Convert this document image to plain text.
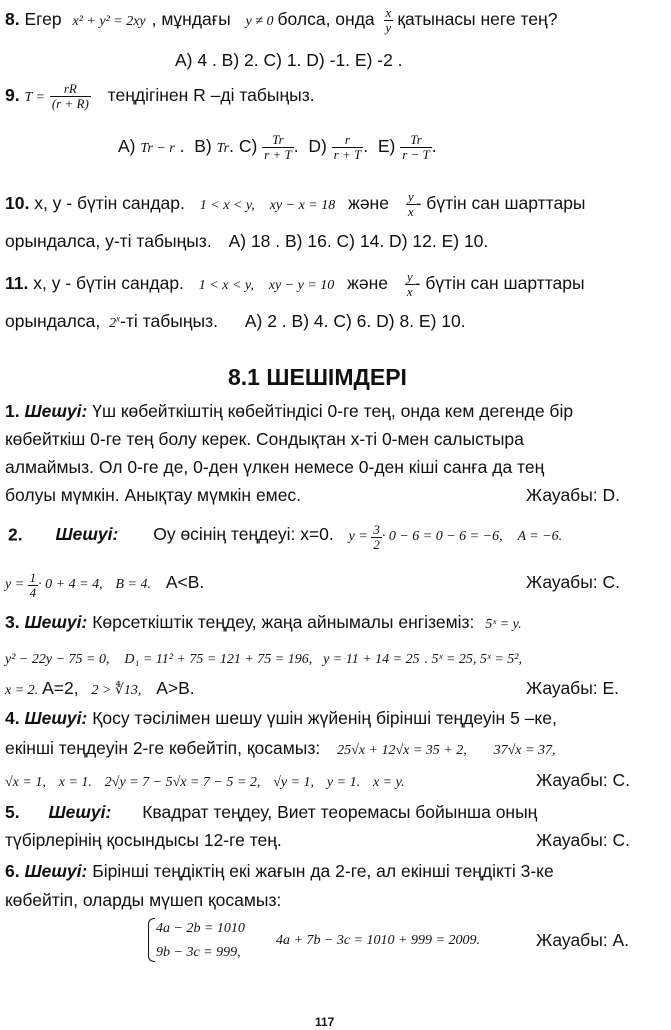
8. Егер x² + y² = 2xy , мұндағы y ≠ 0 болса, онда $\frac{x}{y}$ қатынасы неге тең?
A) 4 . B) 2. C) 1. D) -1. E) -2 .
9. $T = \frac{rR}{(r + R)}$ теңдігінен R –ді табыңыз.
A) Tr − r . B) Tr. $C) \frac{Tr}{r + T}$ . $D) \frac{r}{r + T}$ . $E) \frac{Tr}{r - T}$ .
10. х, у - бүтін сандар. 1 < x < y, xy − x = 18 және $\frac{y}{x}$ - бүтін сан шарттары
орындалса, у-ті табыңыз. A) 18 . B) 16. C) 14. D) 12. E) 10.
11. х, у - бүтін сандар. 1 < x < y, xy − y = 10 және $\frac{y}{x}$ - бүтін сан шарттары
орындалса, 2$^x$-ті табыңыз. A) 2 . B) 4. C) 6. D) 8. E) 10.
8.1 ШЕШІМДЕРІ
1. Шешуі: Үш көбейткіштің көбейтіндісі 0-ге тең, онда кем дегенде бір
көбейткіш 0-ге тең болу керек. Сондықтан х-ті 0-мен салыстыра
алмаймыз. Ол 0-ге де, 0-ден үлкен немесе 0-ден кіші санға да тең
болуы мүмкін. Анықтау мүмкін емес.	Жауабы: D.
2. Шешуі: Оу өсінің теңдеуі: х=0. $y = \frac{3}{2} \cdot 0 - 6 = 0 - 6 = -6$, A = −6.
$y = \frac{1}{4} \cdot 0 + 4 = 4$, B = 4. A<B.	Жауабы: C.
3. Шешуі: Көрсеткіштік теңдеу, жаңа айнымалы енгіземіз: 5ˣ = y.
y² − 22y − 75 = 0, D₁ = 11² + 75 = 121 + 75 = 196, y = 11 + 14 = 25 . 5ˣ = 25, 5ˣ = 5²,
x = 2. A=2, 2 > ∜13, A>B.	Жауабы: E.
4. Шешуі: Қосу тәсілімен шешу үшін жүйенің бірінші теңдеуін 5 –ке,
екінші теңдеуін 2-ге көбейтіп, қосамыз: 25√x + 12√x = 35 + 2, 37√x = 37,
√x = 1, x = 1. 2√y = 7 − 5√x = 7 − 5 = 2, √y = 1, y = 1. x = y.	Жауабы: C.
5. Шешуі: Квадрат теңдеу, Виет теоремасы бойынша оның
түбірлерінің қосындысы 12-ге тең.	Жауабы: C.
6. Шешуі: Бірінші теңдіктің екі жағын да 2-ге, ал екінші теңдікті 3-ке
көбейтіп, оларды мүшеп қосамыз:
4a − 2b = 1010
9b − 3c = 999,
4a + 7b − 3c = 1010 + 999 = 2009.	Жауабы: A.
117
